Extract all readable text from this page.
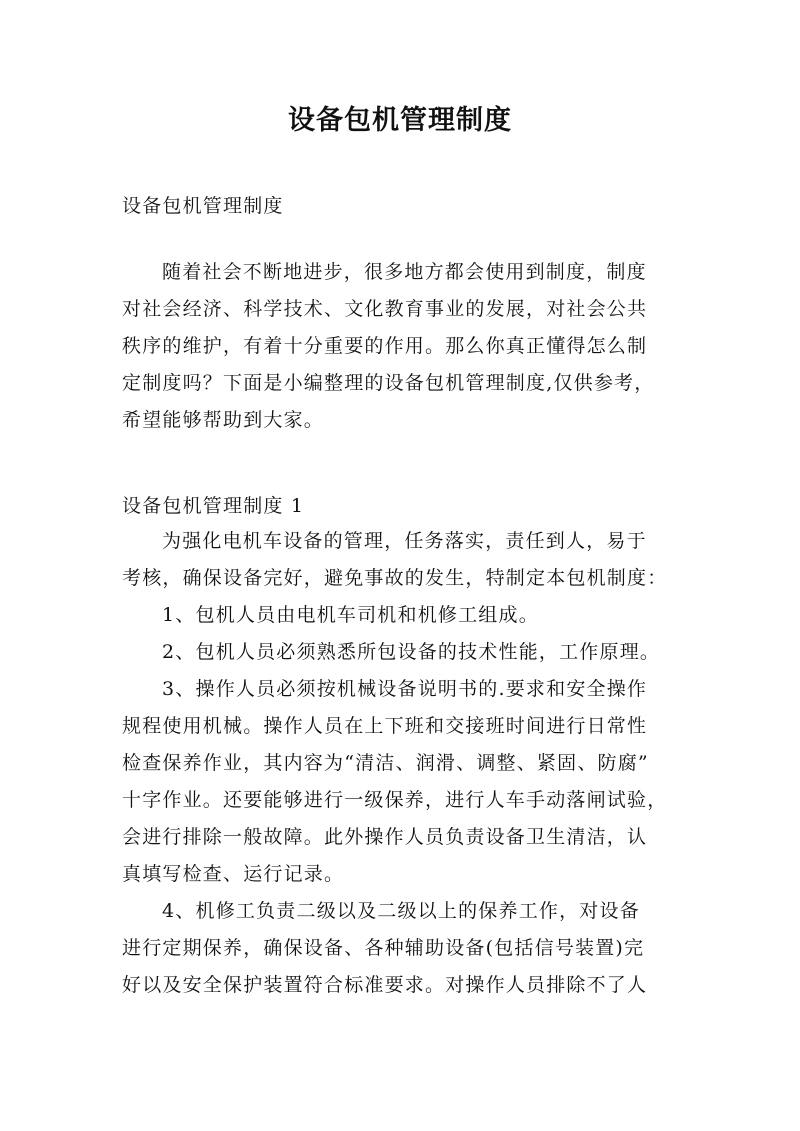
设备包机管理制度
设备包机管理制度
随着社会不断地进步，很多地方都会使用到制度，制度
对社会经济、科学技术、文化教育事业的发展，对社会公共
秩序的维护，有着十分重要的作用。那么你真正懂得怎么制
定制度吗？下面是小编整理的设备包机管理制度,仅供参考，
希望能够帮助到大家。
设备包机管理制度 1
为强化电机车设备的管理，任务落实，责任到人，易于
考核，确保设备完好，避免事故的发生，特制定本包机制度：
1、包机人员由电机车司机和机修工组成。
2、包机人员必须熟悉所包设备的技术性能，工作原理。
3、操作人员必须按机械设备说明书的.要求和安全操作
规程使用机械。操作人员在上下班和交接班时间进行日常性
检查保养作业，其内容为“清洁、润滑、调整、紧固、防腐”
十字作业。还要能够进行一级保养，进行人车手动落闸试验，
会进行排除一般故障。此外操作人员负责设备卫生清洁，认
真填写检查、运行记录。
4、机修工负责二级以及二级以上的保养工作，对设备
进行定期保养，确保设备、各种辅助设备(包括信号装置)完
好以及安全保护装置符合标准要求。对操作人员排除不了人
